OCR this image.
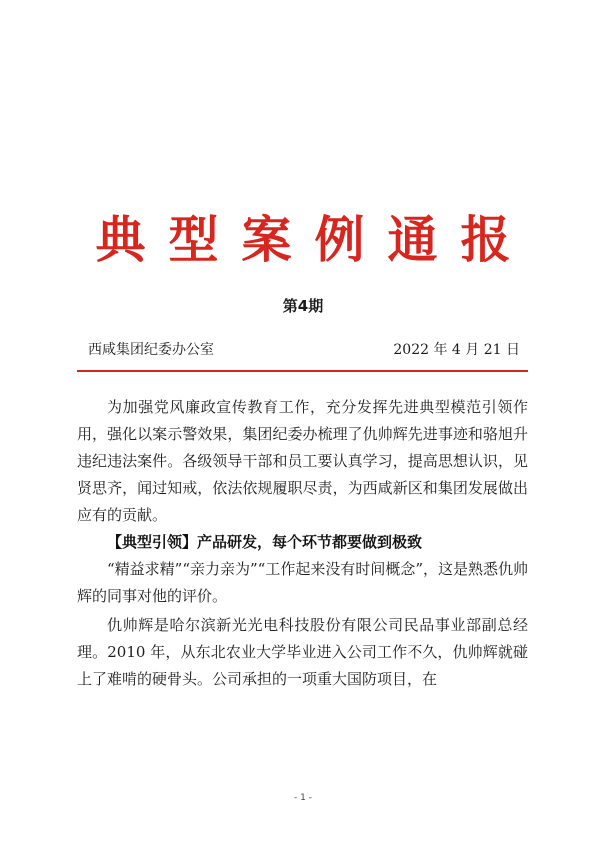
典型案例通报

第4期

西咸集团纪委办公室	2022 年 4 月 21 日

为加强党风廉政宣传教育工作，充分发挥先进典型模范引领作用，强化以案示警效果，集团纪委办梳理了仇帅辉先进事迹和骆旭升违纪违法案件。各级领导干部和员工要认真学习，提高思想认识，见贤思齐，闻过知戒，依法依规履职尽责，为西咸新区和集团发展做出应有的贡献。

【典型引领】产品研发，每个环节都要做到极致

“精益求精”“亲力亲为”“工作起来没有时间概念”，这是熟悉仇帅辉的同事对他的评价。

仇帅辉是哈尔滨新光光电科技股份有限公司民品事业部副总经理。2010 年，从东北农业大学毕业进入公司工作不久，仇帅辉就碰上了难啃的硬骨头。公司承担的一项重大国防项目，在

- 1 -
